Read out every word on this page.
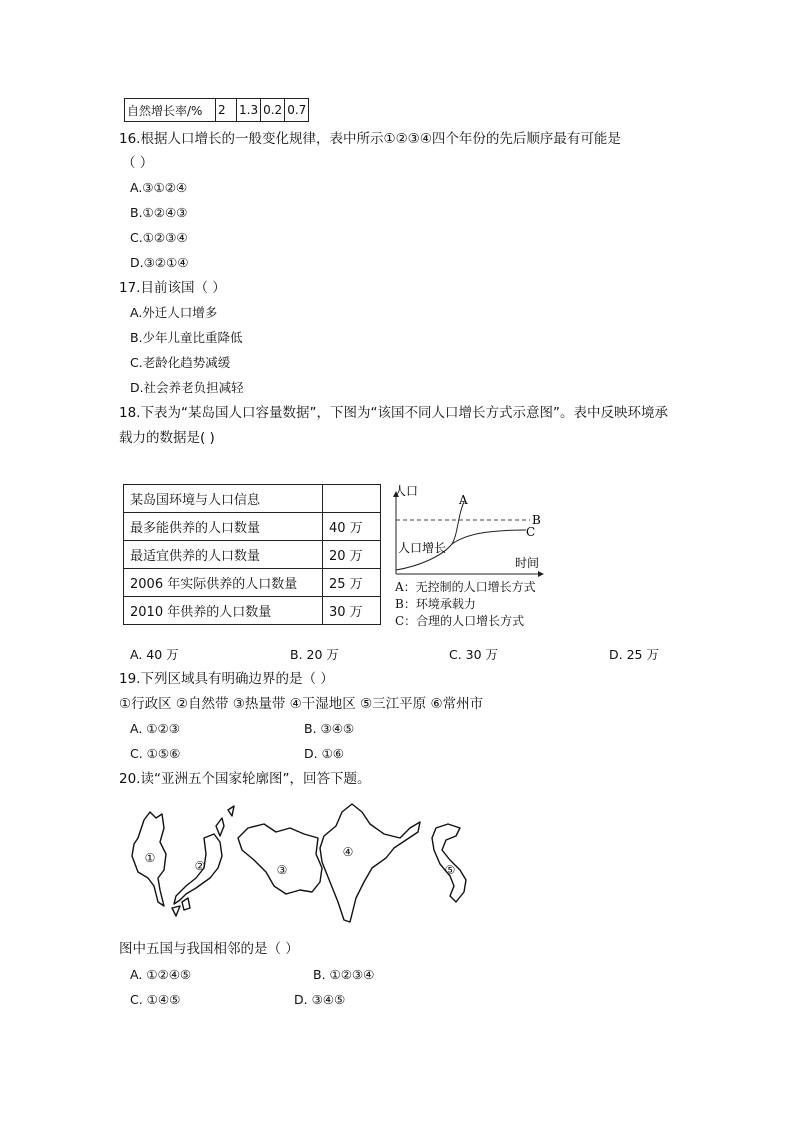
自然增长率/%	2	1.3	0.2	0.7
16.根据人口增长的一般变化规律，表中所示①②③④四个年份的先后顺序最有可能是
（ ）
A.③①②④
B.①②④③
C.①②③④
D.③②①④
17.目前该国（ ）
A.外迁人口增多
B.少年儿童比重降低
C.老龄化趋势减缓
D.社会养老负担减轻
18.下表为“某岛国人口容量数据”，下图为“该国不同人口增长方式示意图”。表中反映环境承
载力的数据是( )
某岛国环境与人口信息	
最多能供养的人口数量	40 万
最适宜供养的人口数量	20 万
2006 年实际供养的人口数量	25 万
2010 年供养的人口数量	30 万
人口
时间
A
B
C
人口增长
A：无控制的人口增长方式
B：环境承载力
C：合理的人口增长方式
A. 40 万	B. 20 万	C. 30 万	D. 25 万
19.下列区域具有明确边界的是（ ）
①行政区 ②自然带 ③热量带 ④干湿地区 ⑤三江平原 ⑥常州市
A. ①②③	B. ③④⑤
C. ①⑤⑥	D. ①⑥
20.读“亚洲五个国家轮廓图”，回答下题。
①
②	③
④
⑤
图中五国与我国相邻的是（ ）
A. ①②④⑤	B. ①②③④
C. ①④⑤	D. ③④⑤
